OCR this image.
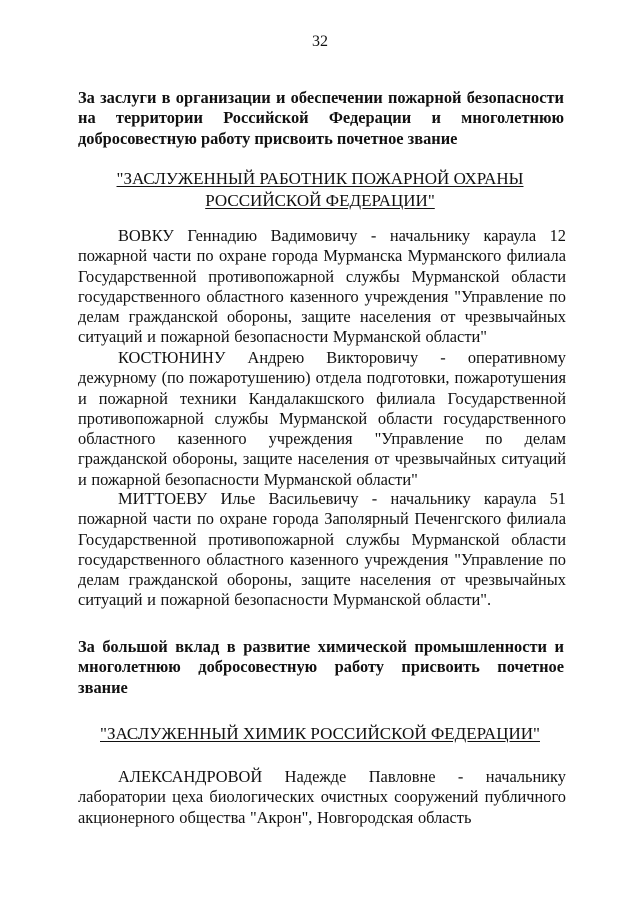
32
За заслуги в организации и обеспечении пожарной безопасности на территории Российской Федерации и многолетнюю добросовестную работу присвоить почетное звание
"ЗАСЛУЖЕННЫЙ РАБОТНИК ПОЖАРНОЙ ОХРАНЫ
РОССИЙСКОЙ ФЕДЕРАЦИИ"

ВОВКУ Геннадию Вадимовичу - начальнику караула 12 пожарной части по охране города Мурманска Мурманского филиала Государственной противопожарной службы Мурманской области государственного областного казенного учреждения "Управление по делам гражданской обороны, защите населения от чрезвычайных ситуаций и пожарной безопасности Мурманской области"

КОСТЮНИНУ Андрею Викторовичу - оперативному дежурному (по пожаротушению) отдела подготовки, пожаротушения и пожарной техники Кандалакшского филиала Государственной противопожарной службы Мурманской области государственного областного казенного учреждения "Управление по делам гражданской обороны, защите населения от чрезвычайных ситуаций и пожарной безопасности Мурманской области"

МИТТОЕВУ Илье Васильевичу - начальнику караула 51 пожарной части по охране города Заполярный Печенгского филиала Государственной противопожарной службы Мурманской области государственного областного казенного учреждения "Управление по делам гражданской обороны, защите населения от чрезвычайных ситуаций и пожарной безопасности Мурманской области".

За большой вклад в развитие химической промышленности и многолетнюю добросовестную работу присвоить почетное звание
"ЗАСЛУЖЕННЫЙ ХИМИК РОССИЙСКОЙ ФЕДЕРАЦИИ"

АЛЕКСАНДРОВОЙ Надежде Павловне - начальнику лаборатории цеха биологических очистных сооружений публичного акционерного общества "Акрон", Новгородская область
